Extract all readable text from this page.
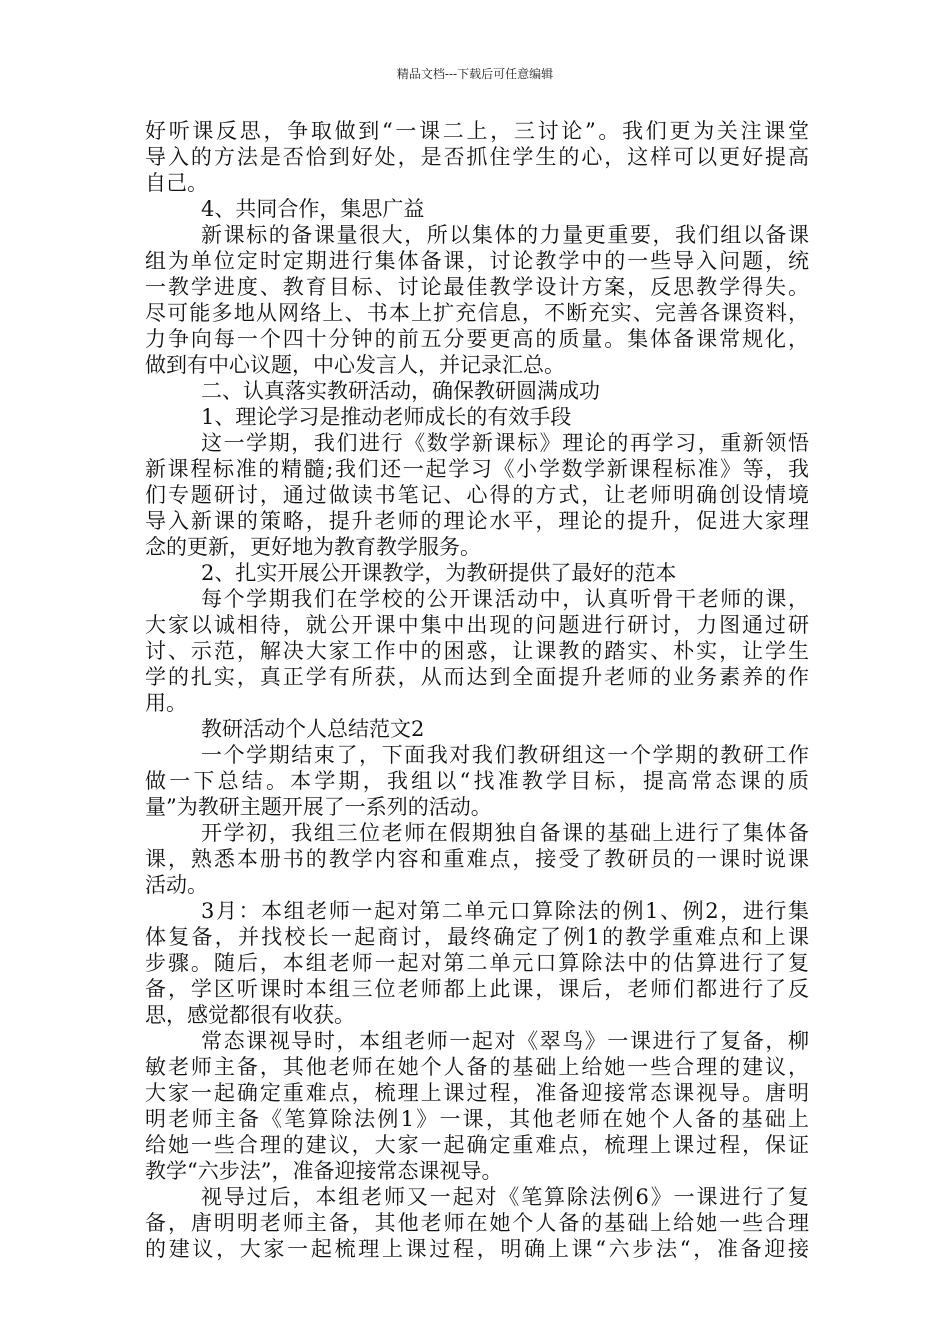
精品文档---下载后可任意编辑
好听课反思，争取做到“一课二上，三讨论”。我们更为关注课堂
导入的方法是否恰到好处，是否抓住学生的心，这样可以更好提高
自己。
4、共同合作，集思广益
新课标的备课量很大，所以集体的力量更重要，我们组以备课
组为单位定时定期进行集体备课，讨论教学中的一些导入问题，统
一教学进度、教育目标、讨论最佳教学设计方案，反思教学得失。
尽可能多地从网络上、书本上扩充信息，不断充实、完善各课资料，
力争向每一个四十分钟的前五分要更高的质量。集体备课常规化，
做到有中心议题，中心发言人，并记录汇总。
二、认真落实教研活动，确保教研圆满成功
1、理论学习是推动老师成长的有效手段
这一学期，我们进行《数学新课标》理论的再学习，重新领悟
新课程标准的精髓;我们还一起学习《小学数学新课程标准》等，我
们专题研讨，通过做读书笔记、心得的方式，让老师明确创设情境
导入新课的策略，提升老师的理论水平，理论的提升，促进大家理
念的更新，更好地为教育教学服务。
2、扎实开展公开课教学，为教研提供了最好的范本
每个学期我们在学校的公开课活动中，认真听骨干老师的课，
大家以诚相待，就公开课中集中出现的问题进行研讨，力图通过研
讨、示范，解决大家工作中的困惑，让课教的踏实、朴实，让学生
学的扎实，真正学有所获，从而达到全面提升老师的业务素养的作
用。
教研活动个人总结范文2
一个学期结束了，下面我对我们教研组这一个学期的教研工作
做一下总结。本学期，我组以“找准教学目标，提高常态课的质
量”为教研主题开展了一系列的活动。
开学初，我组三位老师在假期独自备课的基础上进行了集体备
课，熟悉本册书的教学内容和重难点，接受了教研员的一课时说课
活动。
3月：本组老师一起对第二单元口算除法的例1、例2，进行集
体复备，并找校长一起商讨，最终确定了例1的教学重难点和上课
步骤。随后，本组老师一起对第二单元口算除法中的估算进行了复
备，学区听课时本组三位老师都上此课，课后，老师们都进行了反
思，感觉都很有收获。
常态课视导时，本组老师一起对《翠鸟》一课进行了复备，柳
敏老师主备，其他老师在她个人备的基础上给她一些合理的建议，
大家一起确定重难点，梳理上课过程，准备迎接常态课视导。唐明
明老师主备《笔算除法例1》一课，其他老师在她个人备的基础上
给她一些合理的建议，大家一起确定重难点，梳理上课过程，保证
教学“六步法”，准备迎接常态课视导。
视导过后，本组老师又一起对《笔算除法例6》一课进行了复
备，唐明明老师主备，其他老师在她个人备的基础上给她一些合理
的建议，大家一起梳理上课过程，明确上课“六步法“，准备迎接
